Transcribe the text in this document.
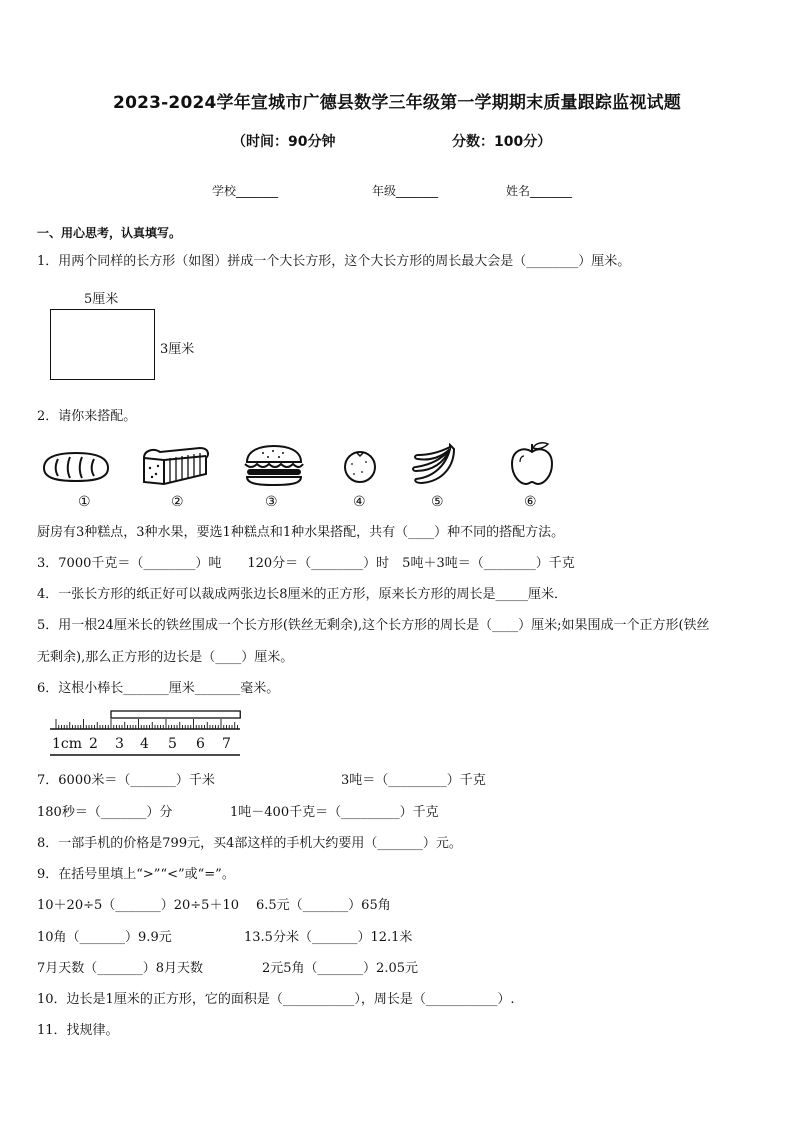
2023-2024学年宣城市广德县数学三年级第一学期期末质量跟踪监视试题
（时间：90分钟	分数：100分）
学校_______	年级_______	姓名_______
一、用心思考，认真填写。
1．用两个同样的长方形（如图）拼成一个大长方形，这个大长方形的周长最大会是（________）厘米。
5厘米
3厘米
2．请你来搭配。
①	②	③	④	⑤	⑥
厨房有3种糕点，3种水果，要选1种糕点和1种水果搭配，共有（____）种不同的搭配方法。
3．7000千克＝（________）吨　　120分＝（________）时　5吨＋3吨＝（________）千克
4．一张长方形的纸正好可以裁成两张边长8厘米的正方形，原来长方形的周长是_____厘米．
5．用一根24厘米长的铁丝围成一个长方形(铁丝无剩余),这个长方形的周长是（____）厘米;如果围成一个正方形(铁丝
无剩余),那么正方形的边长是（____）厘米。
6．这根小棒长_______厘米_______毫米。
1cm 2 3 4 5 6 7
7．6000米＝（_______）千米	3吨＝（_________）千克
180秒＝（_______）分	1吨－400千克＝（_________）千克
8．一部手机的价格是799元，买4部这样的手机大约要用（_______）元。
9．在括号里填上“>”“<”或“=”。
10＋20÷5（_______）20÷5＋10 6.5元（_______）65角
10角（_______）9.9元	13.5分米（_______）12.1米
7月天数（_______）8月天数	2元5角（_______）2.05元
10．边长是1厘米的正方形，它的面积是（___________），周长是（___________）.
11．找规律。
